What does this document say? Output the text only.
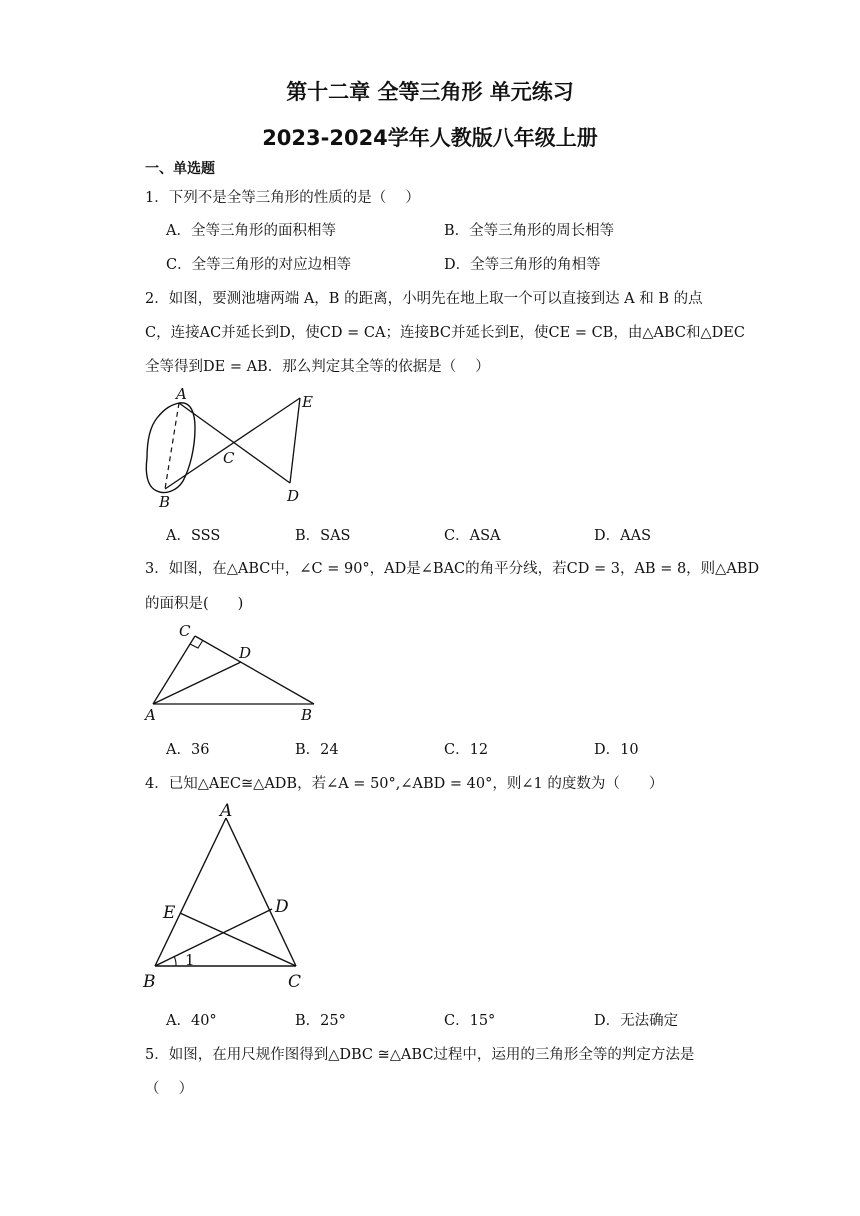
第十二章 全等三角形 单元练习
2023-2024学年人教版八年级上册
一、单选题
1．下列不是全等三角形的性质的是（　 ）
A．全等三角形的面积相等	B．全等三角形的周长相等
C．全等三角形的对应边相等	D．全等三角形的角相等
2．如图，要测池塘两端 A，B 的距离，小明先在地上取一个可以直接到达 A 和 B 的点
C，连接AC并延长到D，使CD = CA；连接BC并延长到E，使CE = CB，由△ABC和△DEC
全等得到DE = AB．那么判定其全等的依据是（　 ）
A
B
C
D
E
A．SSS	B．SAS	C．ASA	D．AAS
3．如图，在△ABC中，∠C = 90°，AD是∠BAC的角平分线，若CD = 3，AB = 8，则△ABD
的面积是(　　)
A	B
C
D
A．36	B．24	C．12	D．10
4．已知△AEC≅△ADB，若∠A = 50°,∠ABD = 40°，则∠1 的度数为（　　）
A
B	C
D
E
1
A．40°	B．25°	C．15°	D．无法确定
5．如图，在用尺规作图得到△DBC ≅△ABC过程中，运用的三角形全等的判定方法是
（　 ）
